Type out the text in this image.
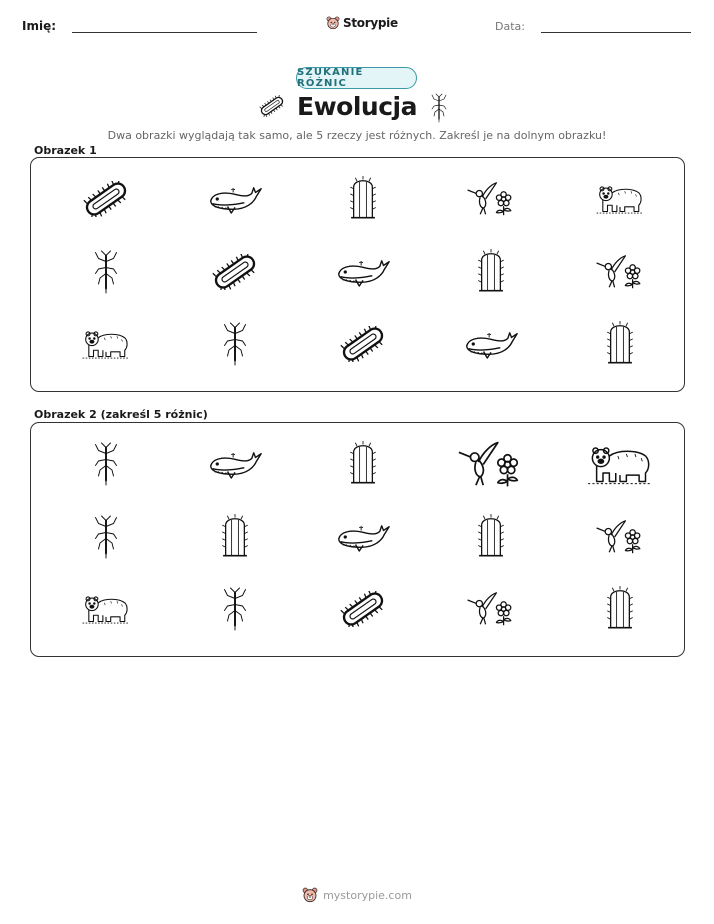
Imię:	Storypie	Data:
SZUKANIE RÓŻNIC
Ewolucja
Dwa obrazki wyglądają tak samo, ale 5 rzeczy jest różnych. Zakreśl je na dolnym obrazku!
Obrazek 1
Obrazek 2 (zakreśl 5 różnic)
mystorypie.com
